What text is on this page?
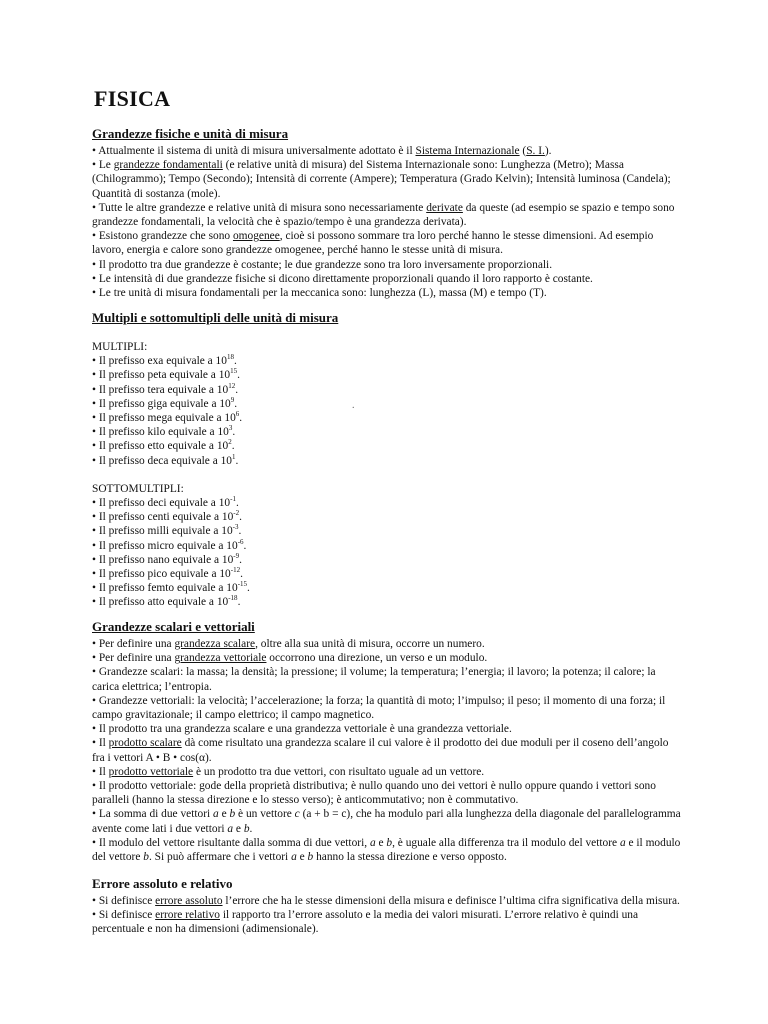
FISICA
Grandezze fisiche e unità di misura

• Attualmente il sistema di unità di misura universalmente adottato è il Sistema Internazionale (S. I.).

• Le grandezze fondamentali (e relative unità di misura) del Sistema Internazionale sono: Lunghezza (Metro); Massa (Chilogrammo); Tempo (Secondo); Intensità di corrente (Ampere); Temperatura (Grado Kelvin); Intensità luminosa (Candela); Quantità di sostanza (mole).

• Tutte le altre grandezze e relative unità di misura sono necessariamente derivate da queste (ad esempio se spazio e tempo sono grandezze fondamentali, la velocità che è spazio/tempo è una grandezza derivata).

• Esistono grandezze che sono omogenee, cioè si possono sommare tra loro perché hanno le stesse dimensioni. Ad esempio lavoro, energia e calore sono grandezze omogenee, perché hanno le stesse unità di misura.

• Il prodotto tra due grandezze è costante; le due grandezze sono tra loro inversamente proporzionali.

• Le intensità di due grandezze fisiche si dicono direttamente proporzionali quando il loro rapporto è costante.

• Le tre unità di misura fondamentali per la meccanica sono: lunghezza (L), massa (M) e tempo (T).

Multipli e sottomultipli delle unità di misura

MULTIPLI:

• Il prefisso exa equivale a $10^{18}$.

• Il prefisso peta equivale a $10^{15}$.

• Il prefisso tera equivale a $10^{12}$.

• Il prefisso giga equivale a $10^9$.

• Il prefisso mega equivale a $10^6$.

• Il prefisso kilo equivale a $10^3$.

• Il prefisso etto equivale a $10^2$.

• Il prefisso deca equivale a $10^1$.

SOTTOMULTIPLI:

• Il prefisso deci equivale a $10^{-1}$.

• Il prefisso centi equivale a $10^{-2}$.

• Il prefisso milli equivale a $10^{-3}$.

• Il prefisso micro equivale a $10^{-6}$.

• Il prefisso nano equivale a $10^{-9}$.

• Il prefisso pico equivale a $10^{-12}$.

• Il prefisso femto equivale a $10^{-15}$.

• Il prefisso atto equivale a $10^{-18}$.

.
Grandezze scalari e vettoriali

• Per definire una grandezza scalare, oltre alla sua unità di misura, occorre un numero.

• Per definire una grandezza vettoriale occorrono una direzione, un verso e un modulo.

• Grandezze scalari: la massa; la densità; la pressione; il volume; la temperatura; l’energia; il lavoro; la potenza; il calore; la carica elettrica; l’entropia.

• Grandezze vettoriali: la velocità; l’accelerazione; la forza; la quantità di moto; l’impulso; il peso; il momento di una forza; il campo gravitazionale; il campo elettrico; il campo magnetico.

• Il prodotto tra una grandezza scalare e una grandezza vettoriale è una grandezza vettoriale.

• Il prodotto scalare dà come risultato una grandezza scalare il cui valore è il prodotto dei due moduli per il coseno dell’angolo fra i vettori A • B • cos(α).

• Il prodotto vettoriale è un prodotto tra due vettori, con risultato uguale ad un vettore.

• Il prodotto vettoriale: gode della proprietà distributiva; è nullo quando uno dei vettori è nullo oppure quando i vettori sono paralleli (hanno la stessa direzione e lo stesso verso); è anticommutativo; non è commutativo.

• La somma di due vettori a e b è un vettore c (a + b = c), che ha modulo pari alla lunghezza della diagonale del parallelogramma avente come lati i due vettori a e b.

• Il modulo del vettore risultante dalla somma di due vettori, a e b, è uguale alla differenza tra il modulo del vettore a e il modulo del vettore b. Si può affermare che i vettori a e b hanno la stessa direzione e verso opposto.

Errore assoluto e relativo

• Si definisce errore assoluto l’errore che ha le stesse dimensioni della misura e definisce l’ultima cifra significativa della misura.

• Si definisce errore relativo il rapporto tra l’errore assoluto e la media dei valori misurati. L’errore relativo è quindi una percentuale e non ha dimensioni (adimensionale).
